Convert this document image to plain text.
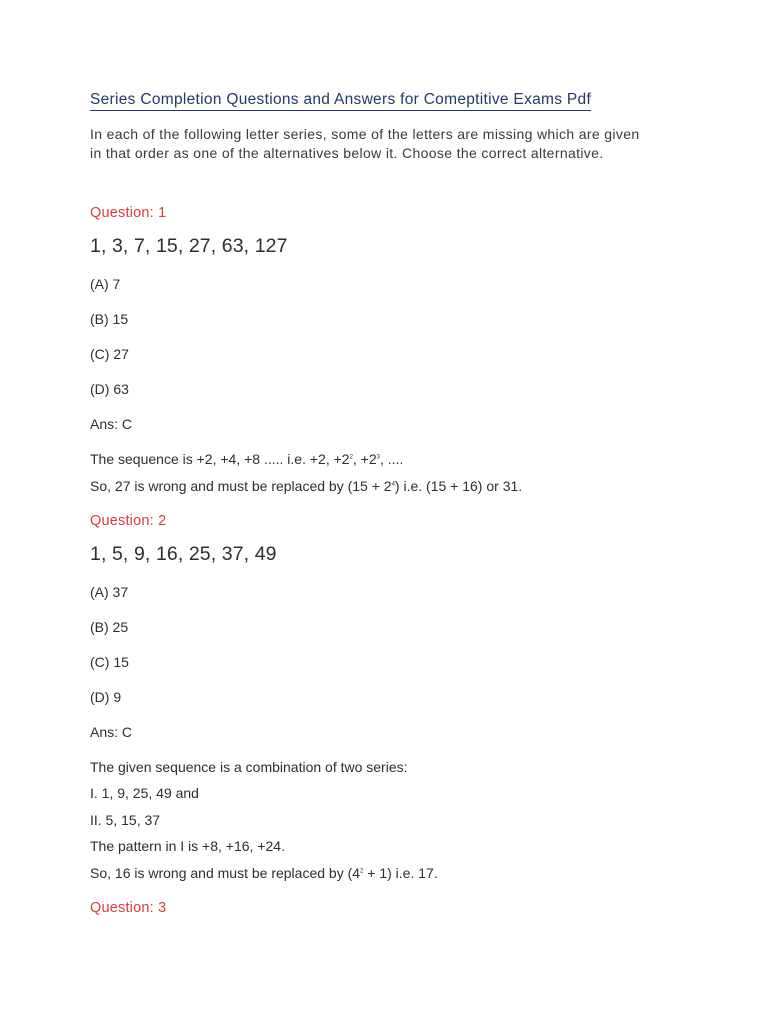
Series Completion Questions and Answers for Comeptitive Exams Pdf
In each of the following letter series, some of the letters are missing which are given in that order as one of the alternatives below it. Choose the correct alternative.
Question: 1
1, 3, 7, 15, 27, 63, 127
(A) 7
(B) 15
(C) 27
(D) 63
Ans: C
The sequence is +2, +4, +8 ..... i.e. +2, $+2^2$, $+2^3$, ....
So, 27 is wrong and must be replaced by $(15 + 2^4)$ i.e. (15 + 16) or 31.
Question: 2
1, 5, 9, 16, 25, 37, 49
(A) 37
(B) 25
(C) 15
(D) 9
Ans: C
The given sequence is a combination of two series:
I. 1, 9, 25, 49 and
II. 5, 15, 37
The pattern in I is +8, +16, +24.
So, 16 is wrong and must be replaced by $(4^2 + 1)$ i.e. 17.
Question: 3
